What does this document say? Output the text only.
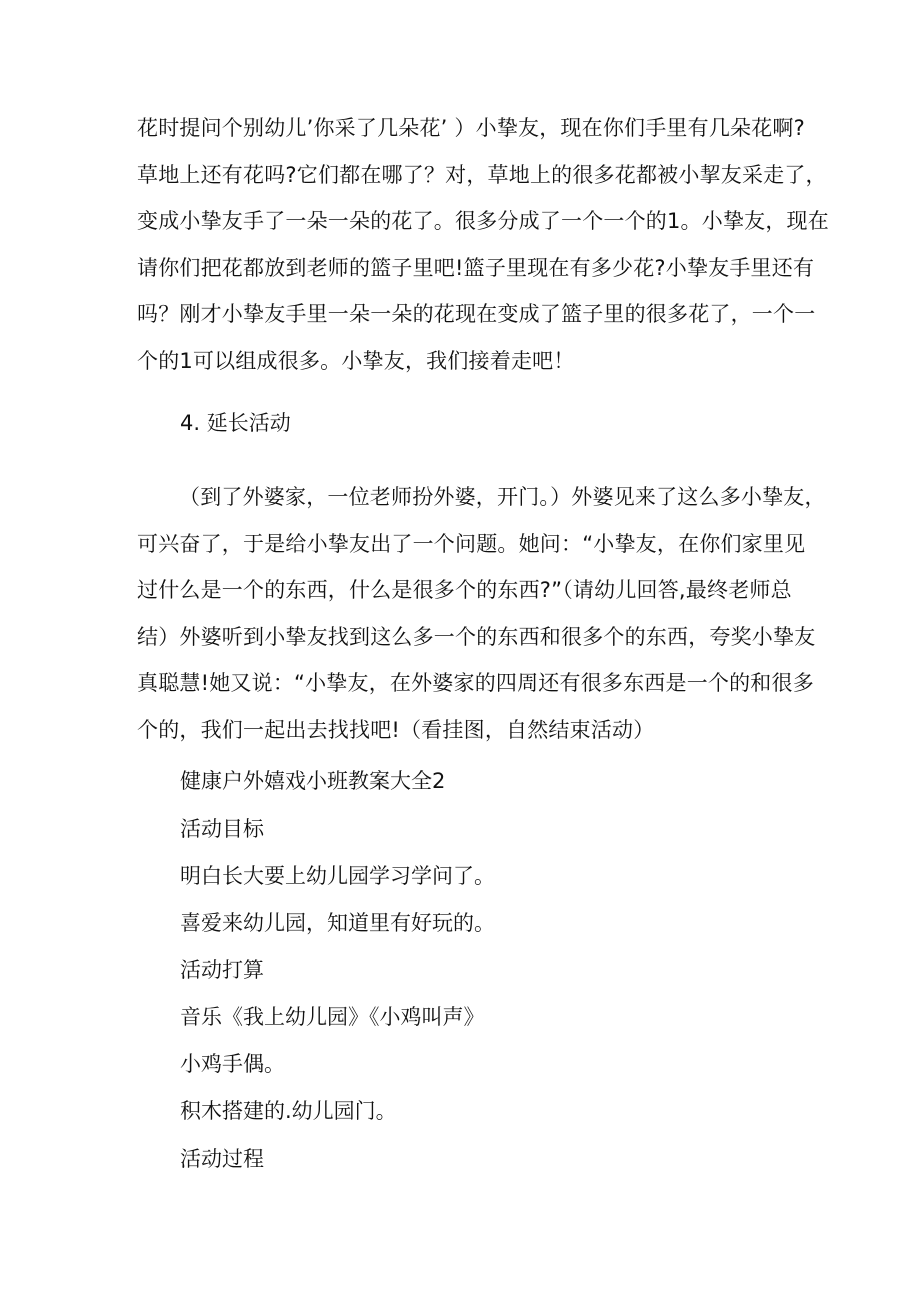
花时提问个别幼儿’你采了几朵花’ ）小挚友，现在你们手里有几朵花啊?
草地上还有花吗?它们都在哪了？对，草地上的很多花都被小挈友采走了，
变成小挚友手了一朵一朵的花了。很多分成了一个一个的1。小挚友，现在
请你们把花都放到老师的篮子里吧!篮子里现在有多少花?小挚友手里还有
吗？刚才小挚友手里一朵一朵的花现在变成了篮子里的很多花了，一个一
个的1可以组成很多。小挚友，我们接着走吧！

4. 延长活动

（到了外婆家，一位老师扮外婆，开门。）外婆见来了这么多小挚友，
可兴奋了，于是给小挚友出了一个问题。她问：“小挚友，在你们家里见
过什么是一个的东西，什么是很多个的东西?”（请幼儿回答,最终老师总
结）外婆听到小挚友找到这么多一个的东西和很多个的东西，夸奖小挚友
真聪慧!她又说：“小挚友，在外婆家的四周还有很多东西是一个的和很多
个的，我们一起出去找找吧!（看挂图，自然结束活动）

健康户外嬉戏小班教案大全2

活动目标

明白长大要上幼儿园学习学问了。

喜爱来幼儿园，知道里有好玩的。

活动打算

音乐《我上幼儿园》《小鸡叫声》

小鸡手偶。

积木搭建的.幼儿园门。

活动过程
